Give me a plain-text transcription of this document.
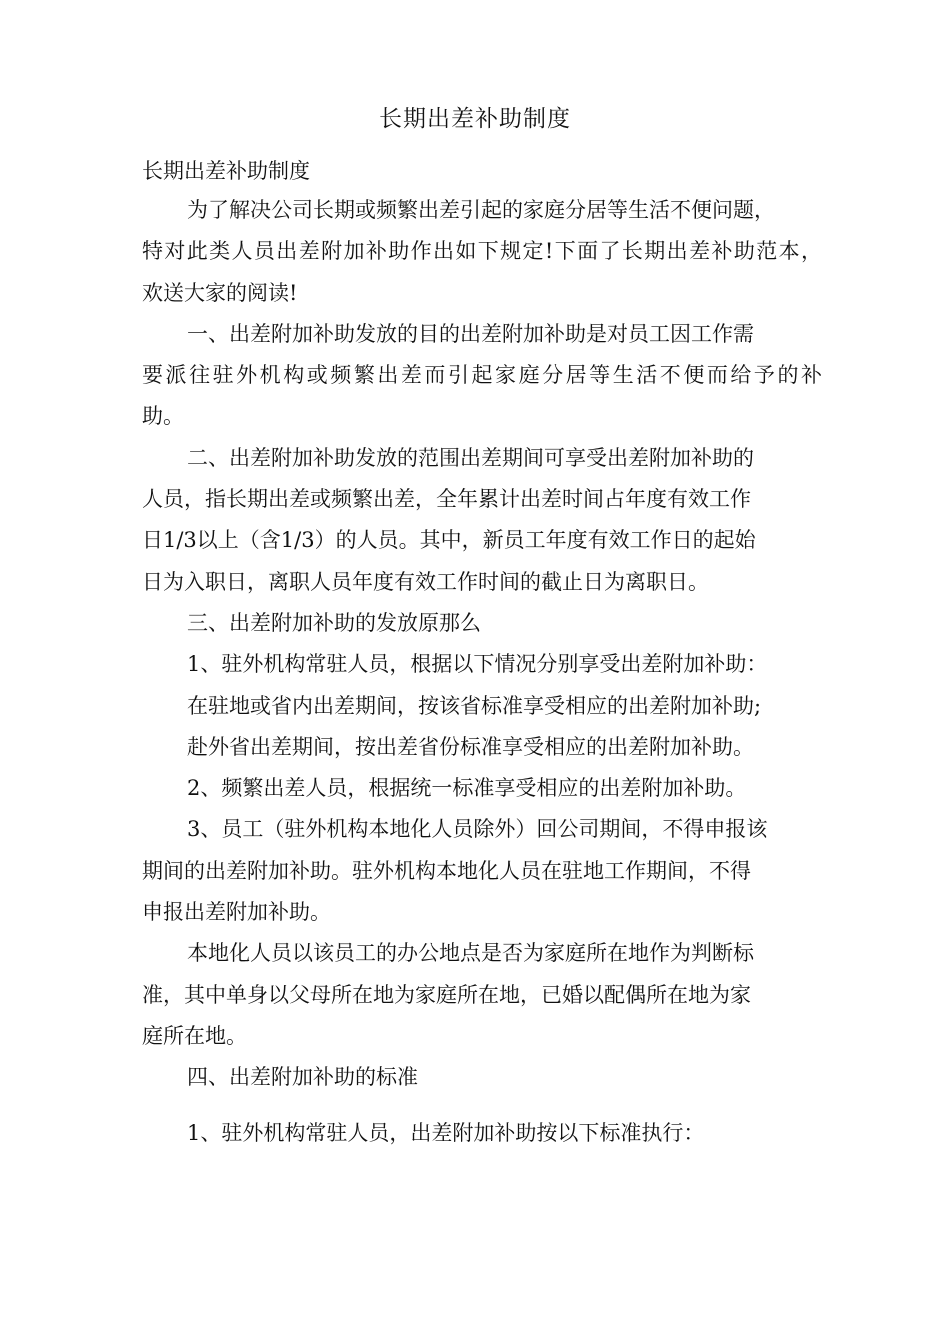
长期出差补助制度
长期出差补助制度
为了解决公司长期或频繁出差引起的家庭分居等生活不便问题，
特对此类人员出差附加补助作出如下规定!下面了长期出差补助范本，
欢送大家的阅读!
一、出差附加补助发放的目的出差附加补助是对员工因工作需
要派往驻外机构或频繁出差而引起家庭分居等生活不便而给予的补
助。
二、出差附加补助发放的范围出差期间可享受出差附加补助的
人员，指长期出差或频繁出差，全年累计出差时间占年度有效工作
日1/3以上（含1/3）的人员。其中，新员工年度有效工作日的起始
日为入职日，离职人员年度有效工作时间的截止日为离职日。
三、出差附加补助的发放原那么
1、驻外机构常驻人员，根据以下情况分别享受出差附加补助：
在驻地或省内出差期间，按该省标准享受相应的出差附加补助;
赴外省出差期间，按出差省份标准享受相应的出差附加补助。
2、频繁出差人员，根据统一标准享受相应的出差附加补助。
3、员工（驻外机构本地化人员除外）回公司期间，不得申报该
期间的出差附加补助。驻外机构本地化人员在驻地工作期间，不得
申报出差附加补助。
本地化人员以该员工的办公地点是否为家庭所在地作为判断标
准，其中单身以父母所在地为家庭所在地，已婚以配偶所在地为家
庭所在地。
四、出差附加补助的标准
1、驻外机构常驻人员，出差附加补助按以下标准执行：
